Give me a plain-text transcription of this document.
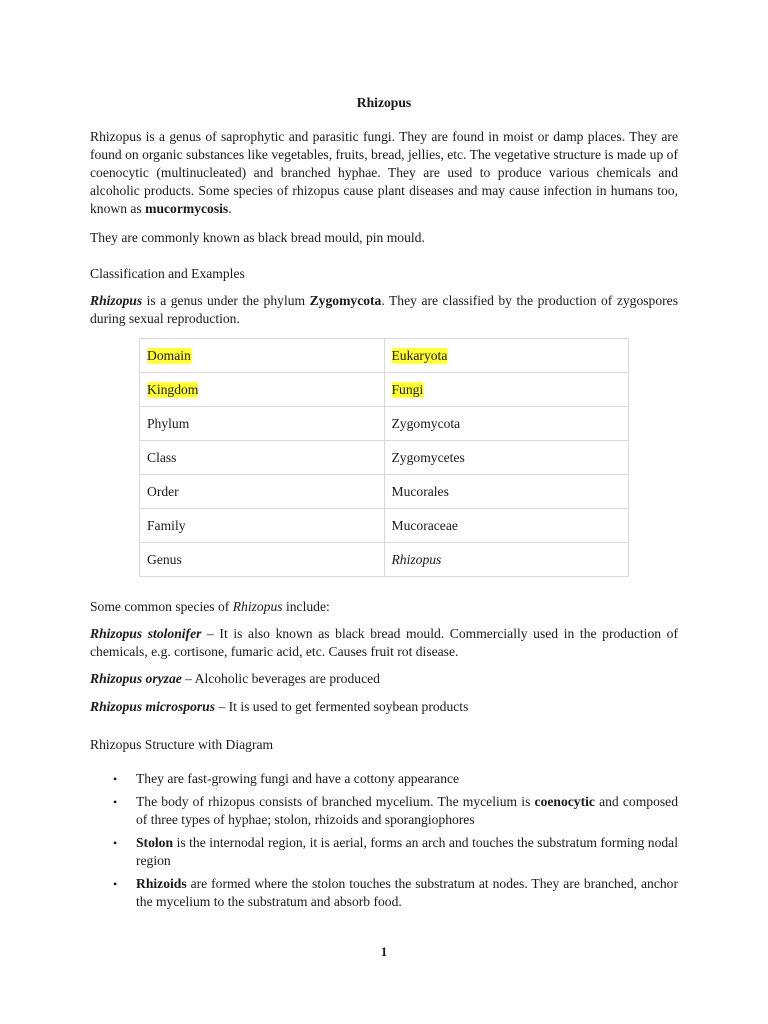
Rhizopus

Rhizopus is a genus of saprophytic and parasitic fungi. They are found in moist or damp places. They are found on organic substances like vegetables, fruits, bread, jellies, etc. The vegetative structure is made up of coenocytic (multinucleated) and branched hyphae. They are used to produce various chemicals and alcoholic products. Some species of rhizopus cause plant diseases and may cause infection in humans too, known as mucormycosis.

They are commonly known as black bread mould, pin mould.

Classification and Examples

Rhizopus is a genus under the phylum Zygomycota. They are classified by the production of zygospores during sexual reproduction.

Domain	Eukaryota
Kingdom	Fungi
Phylum	Zygomycota
Class	Zygomycetes
Order	Mucorales
Family	Mucoraceae
Genus	Rhizopus

Some common species of Rhizopus include:

Rhizopus stolonifer – It is also known as black bread mould. Commercially used in the production of chemicals, e.g. cortisone, fumaric acid, etc. Causes fruit rot disease.

Rhizopus oryzae – Alcoholic beverages are produced

Rhizopus microsporus – It is used to get fermented soybean products

Rhizopus Structure with Diagram

• They are fast-growing fungi and have a cottony appearance
• The body of rhizopus consists of branched mycelium. The mycelium is coenocytic and composed of three types of hyphae; stolon, rhizoids and sporangiophores
• Stolon is the internodal region, it is aerial, forms an arch and touches the substratum forming nodal region
• Rhizoids are formed where the stolon touches the substratum at nodes. They are branched, anchor the mycelium to the substratum and absorb food.
1
